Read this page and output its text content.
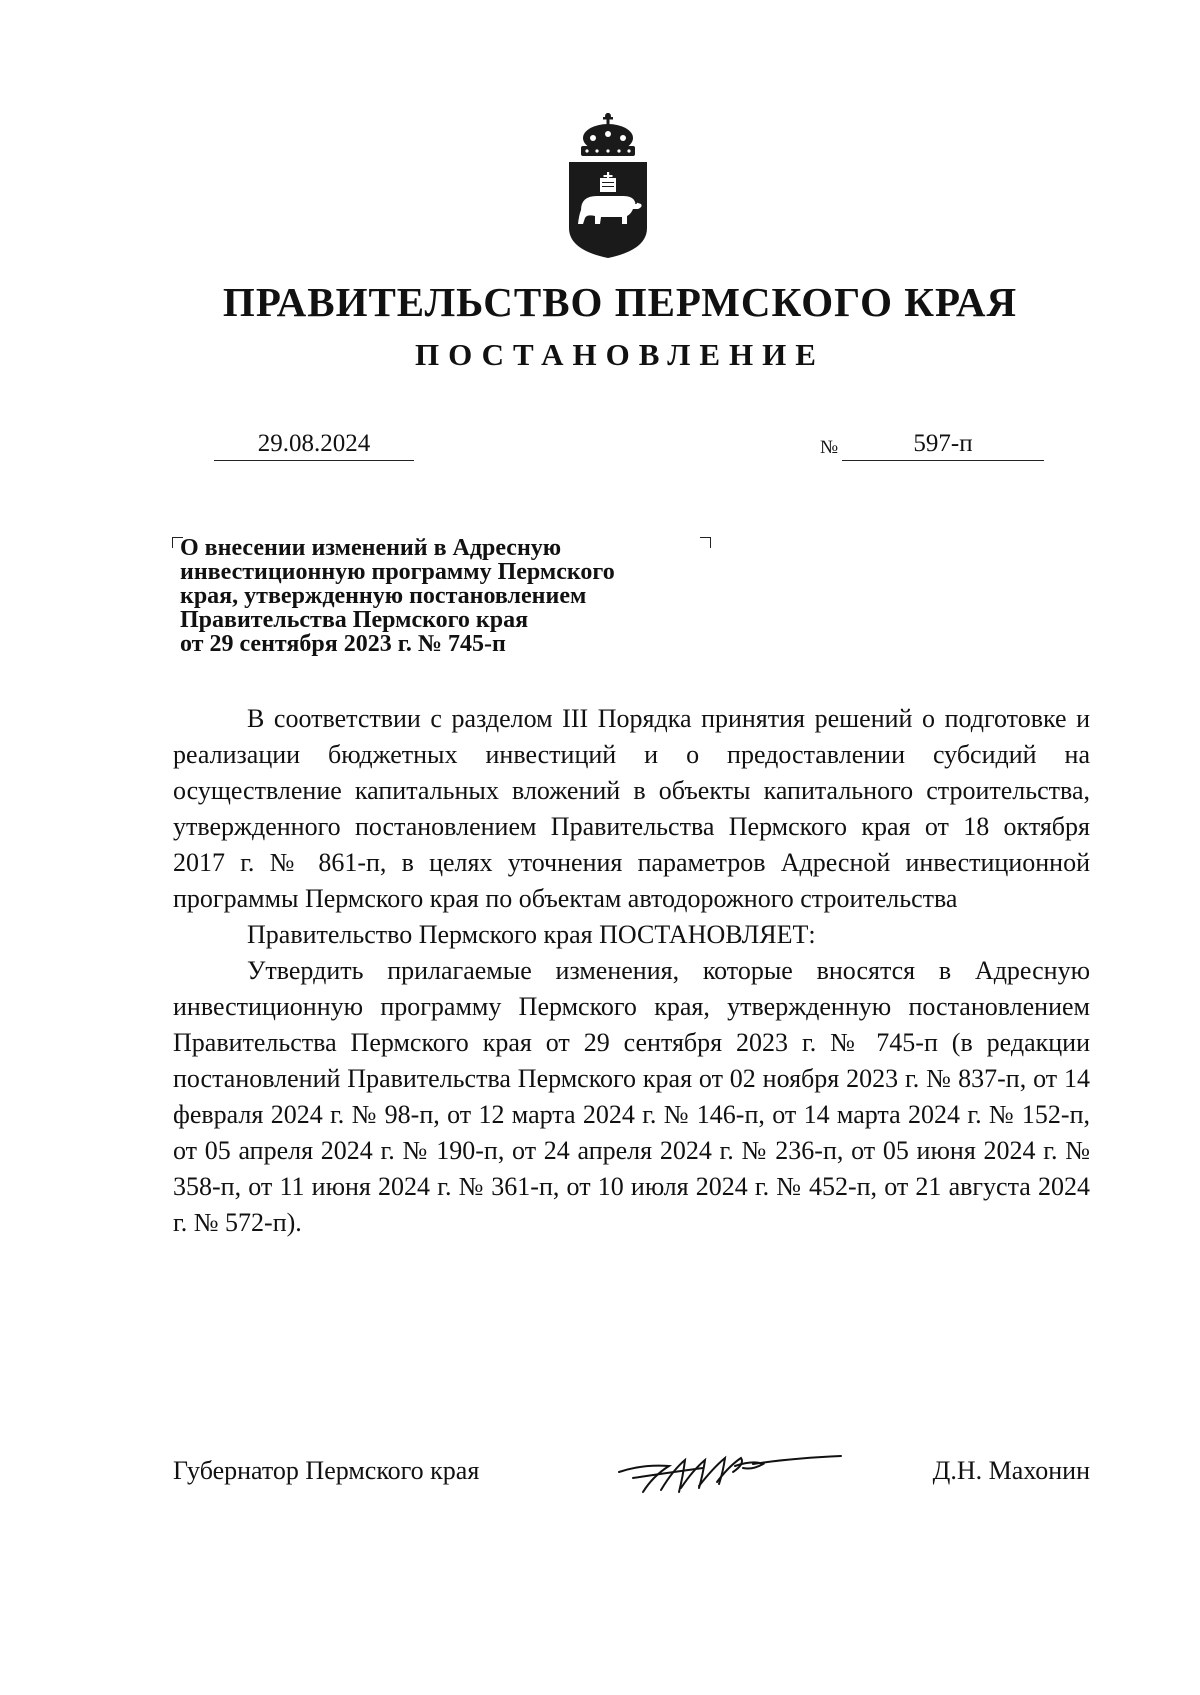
ПРАВИТЕЛЬСТВО ПЕРМСКОГО КРАЯ
ПОСТАНОВЛЕНИЕ
29.08.2024	№	597-п
О внесении изменений в Адресную
инвестиционную программу Пермского
края, утвержденную постановлением
Правительства Пермского края
от 29 сентября 2023 г. № 745-п

В соответствии с разделом III Порядка принятия решений о подготовке и реализации бюджетных инвестиций и о предоставлении субсидий на осуществление капитальных вложений в объекты капитального строительства, утвержденного постановлением Правительства Пермского края от 18 октября 2017 г. № 861-п, в целях уточнения параметров Адресной инвестиционной программы Пермского края по объектам автодорожного строительства

Правительство Пермского края ПОСТАНОВЛЯЕТ:

Утвердить прилагаемые изменения, которые вносятся в Адресную инвестиционную программу Пермского края, утвержденную постановлением Правительства Пермского края от 29 сентября 2023 г. № 745-п (в редакции постановлений Правительства Пермского края от 02 ноября 2023 г. № 837-п, от 14 февраля 2024 г. № 98-п, от 12 марта 2024 г. № 146-п, от 14 марта 2024 г. № 152-п, от 05 апреля 2024 г. № 190-п, от 24 апреля 2024 г. № 236-п, от 05 июня 2024 г. № 358-п, от 11 июня 2024 г. № 361-п, от 10 июля 2024 г. № 452-п, от 21 августа 2024 г. № 572-п).

Губернатор Пермского края	Д.Н. Махонин
